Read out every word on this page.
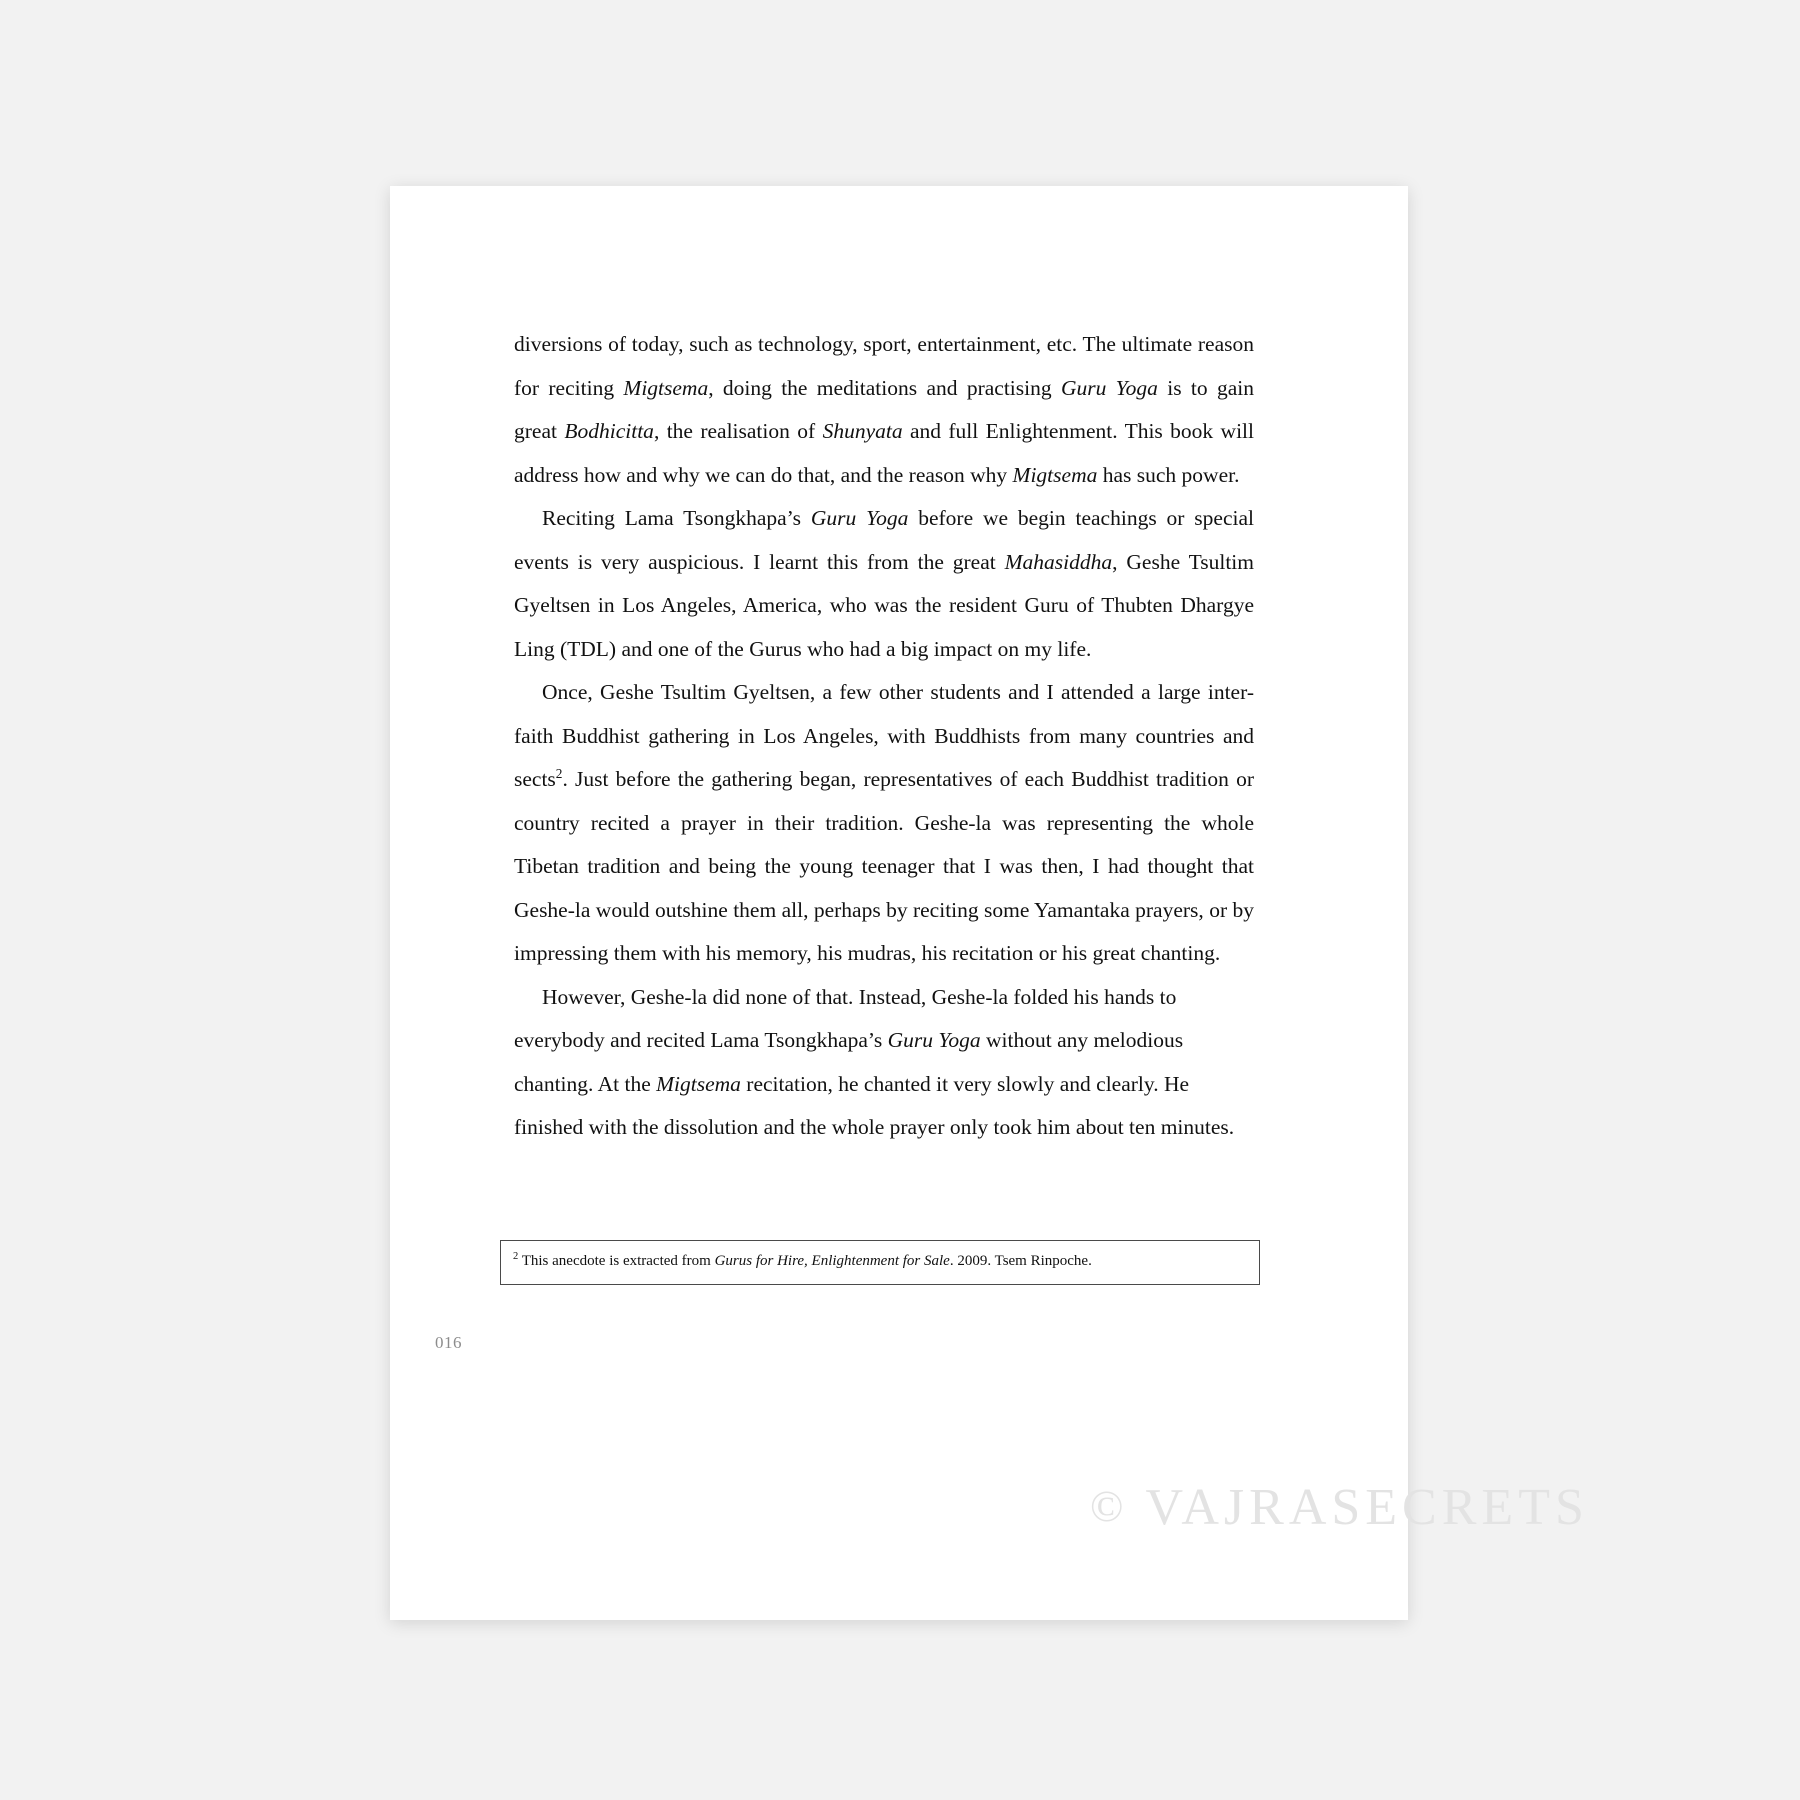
diversions of today, such as technology, sport, entertainment, etc. The ultimate reason for reciting Migtsema, doing the meditations and practising Guru Yoga is to gain great Bodhicitta, the realisation of Shunyata and full Enlightenment. This book will address how and why we can do that, and the reason why Migtsema has such power.

Reciting Lama Tsongkhapa’s Guru Yoga before we begin teachings or special events is very auspicious. I learnt this from the great Mahasiddha, Geshe Tsultim Gyeltsen in Los Angeles, America, who was the resident Guru of Thubten Dhargye Ling (TDL) and one of the Gurus who had a big impact on my life.

Once, Geshe Tsultim Gyeltsen, a few other students and I attended a large inter-faith Buddhist gathering in Los Angeles, with Buddhists from many countries and sects$^2$. Just before the gathering began, representatives of each Buddhist tradition or country recited a prayer in their tradition. Geshe-la was representing the whole Tibetan tradition and being the young teenager that I was then, I had thought that Geshe-la would outshine them all, perhaps by reciting some Yamantaka prayers, or by impressing them with his memory, his mudras, his recitation or his great chanting.

However, Geshe-la did none of that. Instead, Geshe-la folded his hands to everybody and recited Lama Tsongkhapa’s Guru Yoga without any melodious chanting. At the Migtsema recitation, he chanted it very slowly and clearly. He finished with the dissolution and the whole prayer only took him about ten minutes.

$^2$ This anecdote is extracted from Gurus for Hire, Enlightenment for Sale. 2009. Tsem Rinpoche.
016
© VAJRASECRETS
